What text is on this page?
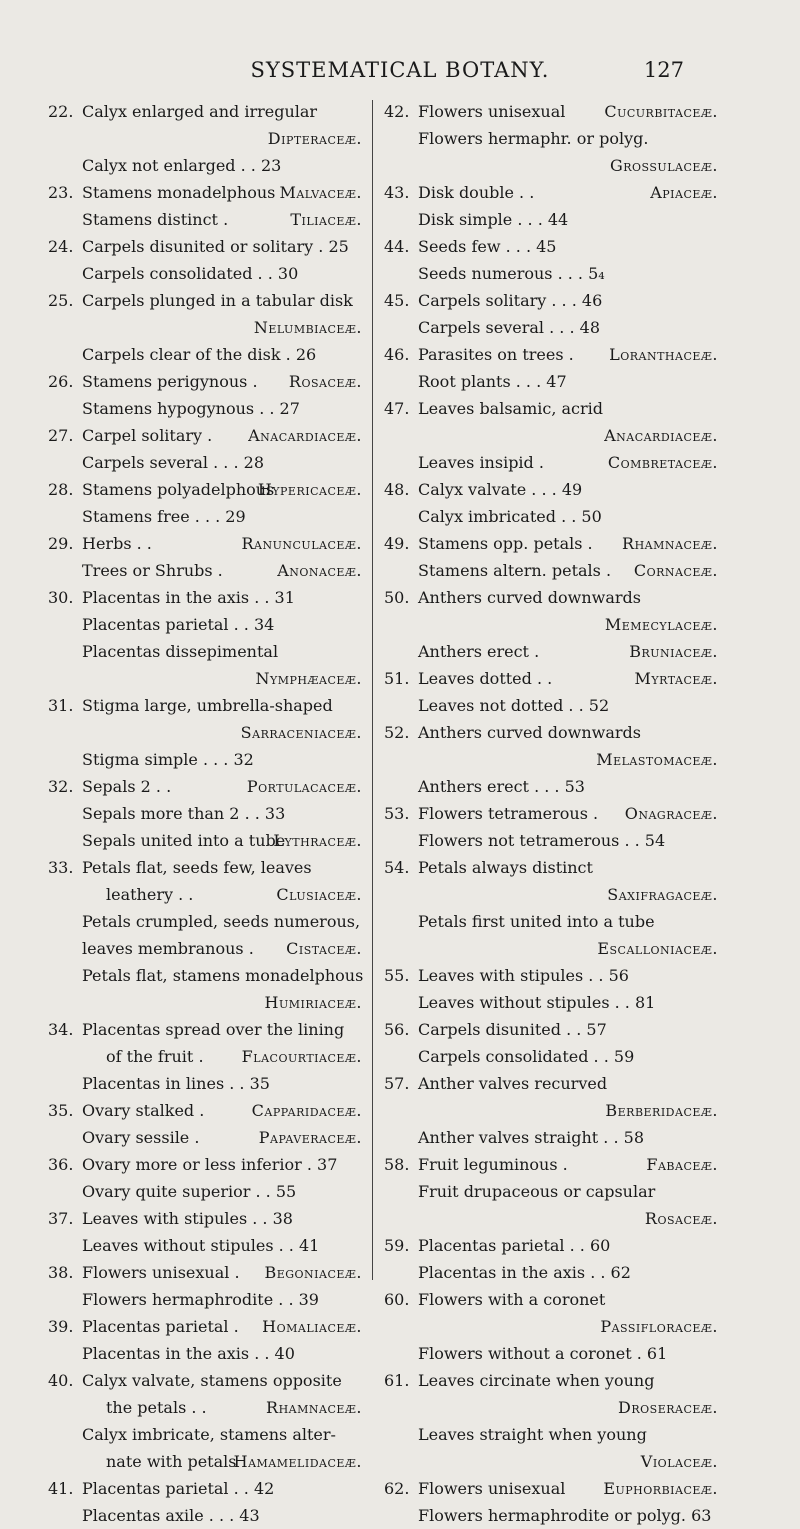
SYSTEMATICAL BOTANY.	127
22. Calyx enlarged and irregular
Dipteraceæ.
Calyx not enlarged . . 23
23. Stamens monadelphous Malvaceæ.
Stamens distinct .	Tiliaceæ.
24. Carpels disunited or solitary . 25
Carpels consolidated . . 30
25. Carpels plunged in a tabular disk
Nelumbiaceæ.
Carpels clear of the disk . 26
26. Stamens perigynous . Rosaceæ.
Stamens hypogynous . . 27
27. Carpel solitary . Anacardiaceæ.
Carpels several . . . 28
28. Stamens polyadelphous
Hypericaceæ.
Stamens free . . . 29
29. Herbs . .	Ranunculaceæ.
Trees or Shrubs .	Anonaceæ.
30. Placentas in the axis . . 31
Placentas parietal . . 34
Placentas dissepimental
Nymphæaceæ.
31. Stigma large, umbrella-shaped
Sarraceniaceæ.
Stigma simple . . . 32
32. Sepals 2 . .	Portulacaceæ.
Sepals more than 2 . . 33
Sepals united into a tube
Lythraceæ.
33. Petals flat, seeds few, leaves
leathery . .	Clusiaceæ.
Petals crumpled, seeds numerous,
leaves membranous . Cistaceæ.
Petals flat, stamens monadelphous
Humiriaceæ.
34. Placentas spread over the lining
of the fruit . Flacourtiaceæ.
Placentas in lines . . 35
35. Ovary stalked .	Capparidaceæ.
Ovary sessile .	Papaveraceæ.
36. Ovary more or less inferior . 37
Ovary quite superior . . 55
37. Leaves with stipules . . 38
Leaves without stipules . . 41
38. Flowers unisexual . Begoniaceæ.
Flowers hermaphrodite . . 39
39. Placentas parietal . Homaliaceæ.
Placentas in the axis . . 40
40. Calyx valvate, stamens opposite
the petals . .	Rhamnaceæ.
Calyx imbricate, stamens alter-
nate with petals
Hamamelidaceæ.
41. Placentas parietal . . 42
Placentas axile . . . 43
42. Flowers unisexual Cucurbitaceæ.
Flowers hermaphr. or polyg.
Grossulaceæ.
43. Disk double . .	Apiaceæ.
Disk simple . . . 44
44. Seeds few . . . 45
Seeds numerous . . . 5₄
45. Carpels solitary . . . 46
Carpels several . . . 48
46. Parasites on trees . Loranthaceæ.
Root plants . . . 47
47. Leaves balsamic, acrid
Anacardiaceæ.
Leaves insipid .	Combretaceæ.
48. Calyx valvate . . . 49
Calyx imbricated . . 50
49. Stamens opp. petals . Rhamnaceæ.
Stamens altern. petals . Cornaceæ.
50. Anthers curved downwards
Memecylaceæ.
Anthers erect .	Bruniaceæ.
51. Leaves dotted . .	Myrtaceæ.
Leaves not dotted . . 52
52. Anthers curved downwards
Melastomaceæ.
Anthers erect . . . 53
53. Flowers tetramerous . Onagraceæ.
Flowers not tetramerous . . 54
54. Petals always distinct
Saxifragaceæ.
Petals first united into a tube
Escalloniaceæ.
55. Leaves with stipules . . 56
Leaves without stipules . . 81
56. Carpels disunited . . 57
Carpels consolidated . . 59
57. Anther valves recurved
Berberidaceæ.
Anther valves straight . . 58
58. Fruit leguminous .	Fabaceæ.
Fruit drupaceous or capsular
Rosaceæ.
59. Placentas parietal . . 60
Placentas in the axis . . 62
60. Flowers with a coronet
Passifloraceæ.
Flowers without a coronet . 61
61. Leaves circinate when young
Droseraceæ.
Leaves straight when young
Violaceæ.
62. Flowers unisexual Euphorbiaceæ.
Flowers hermaphrodite or polyg. 63
